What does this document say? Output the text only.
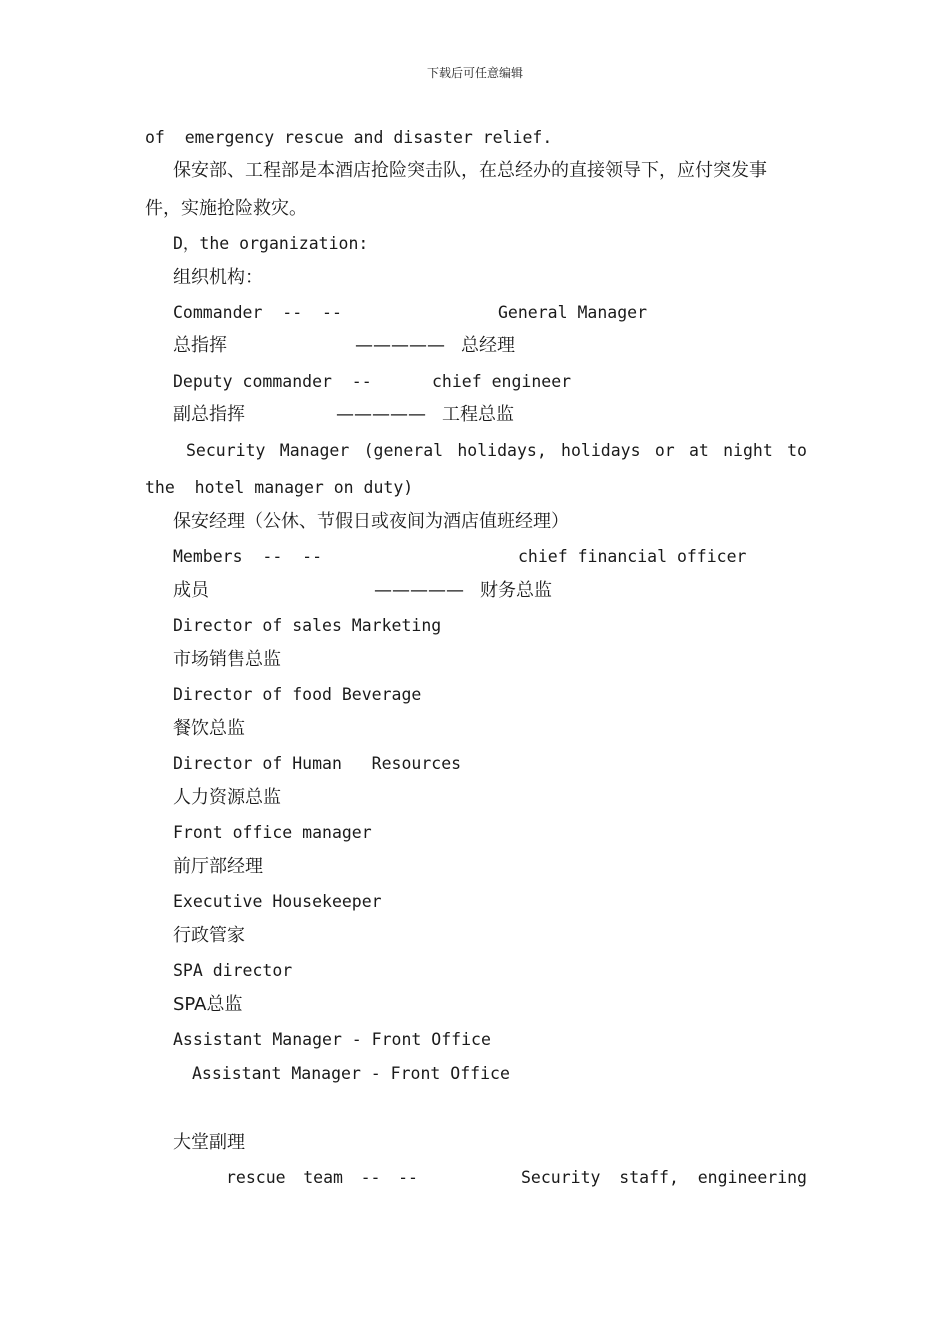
下载后可任意编辑
of  emergency rescue and disaster relief.
保安部、工程部是本酒店抢险突击队，在总经办的直接领导下，应付突发事
件，实施抢险救灾。
D，the organization:
组织机构：
Commander  --  --	General Manager
总指挥	————— 总经理
Deputy commander  --	chief engineer
副总指挥	————— 工程总监
Security Manager (general holidays, holidays or at night to
the  hotel manager on duty)
保安经理（公休、节假日或夜间为酒店值班经理）
Members  --  --	chief financial officer
成员	————— 财务总监
Director of sales Marketing
市场销售总监
Director of food Beverage
餐饮总监
Director of Human   Resources
人力资源总监
Front office manager
前厅部经理
Executive Housekeeper
行政管家
SPA director
SPA总监
Assistant Manager - Front Office
Assistant Manager - Front Office
大堂副理
rescue team -- --	Security staff, engineering
